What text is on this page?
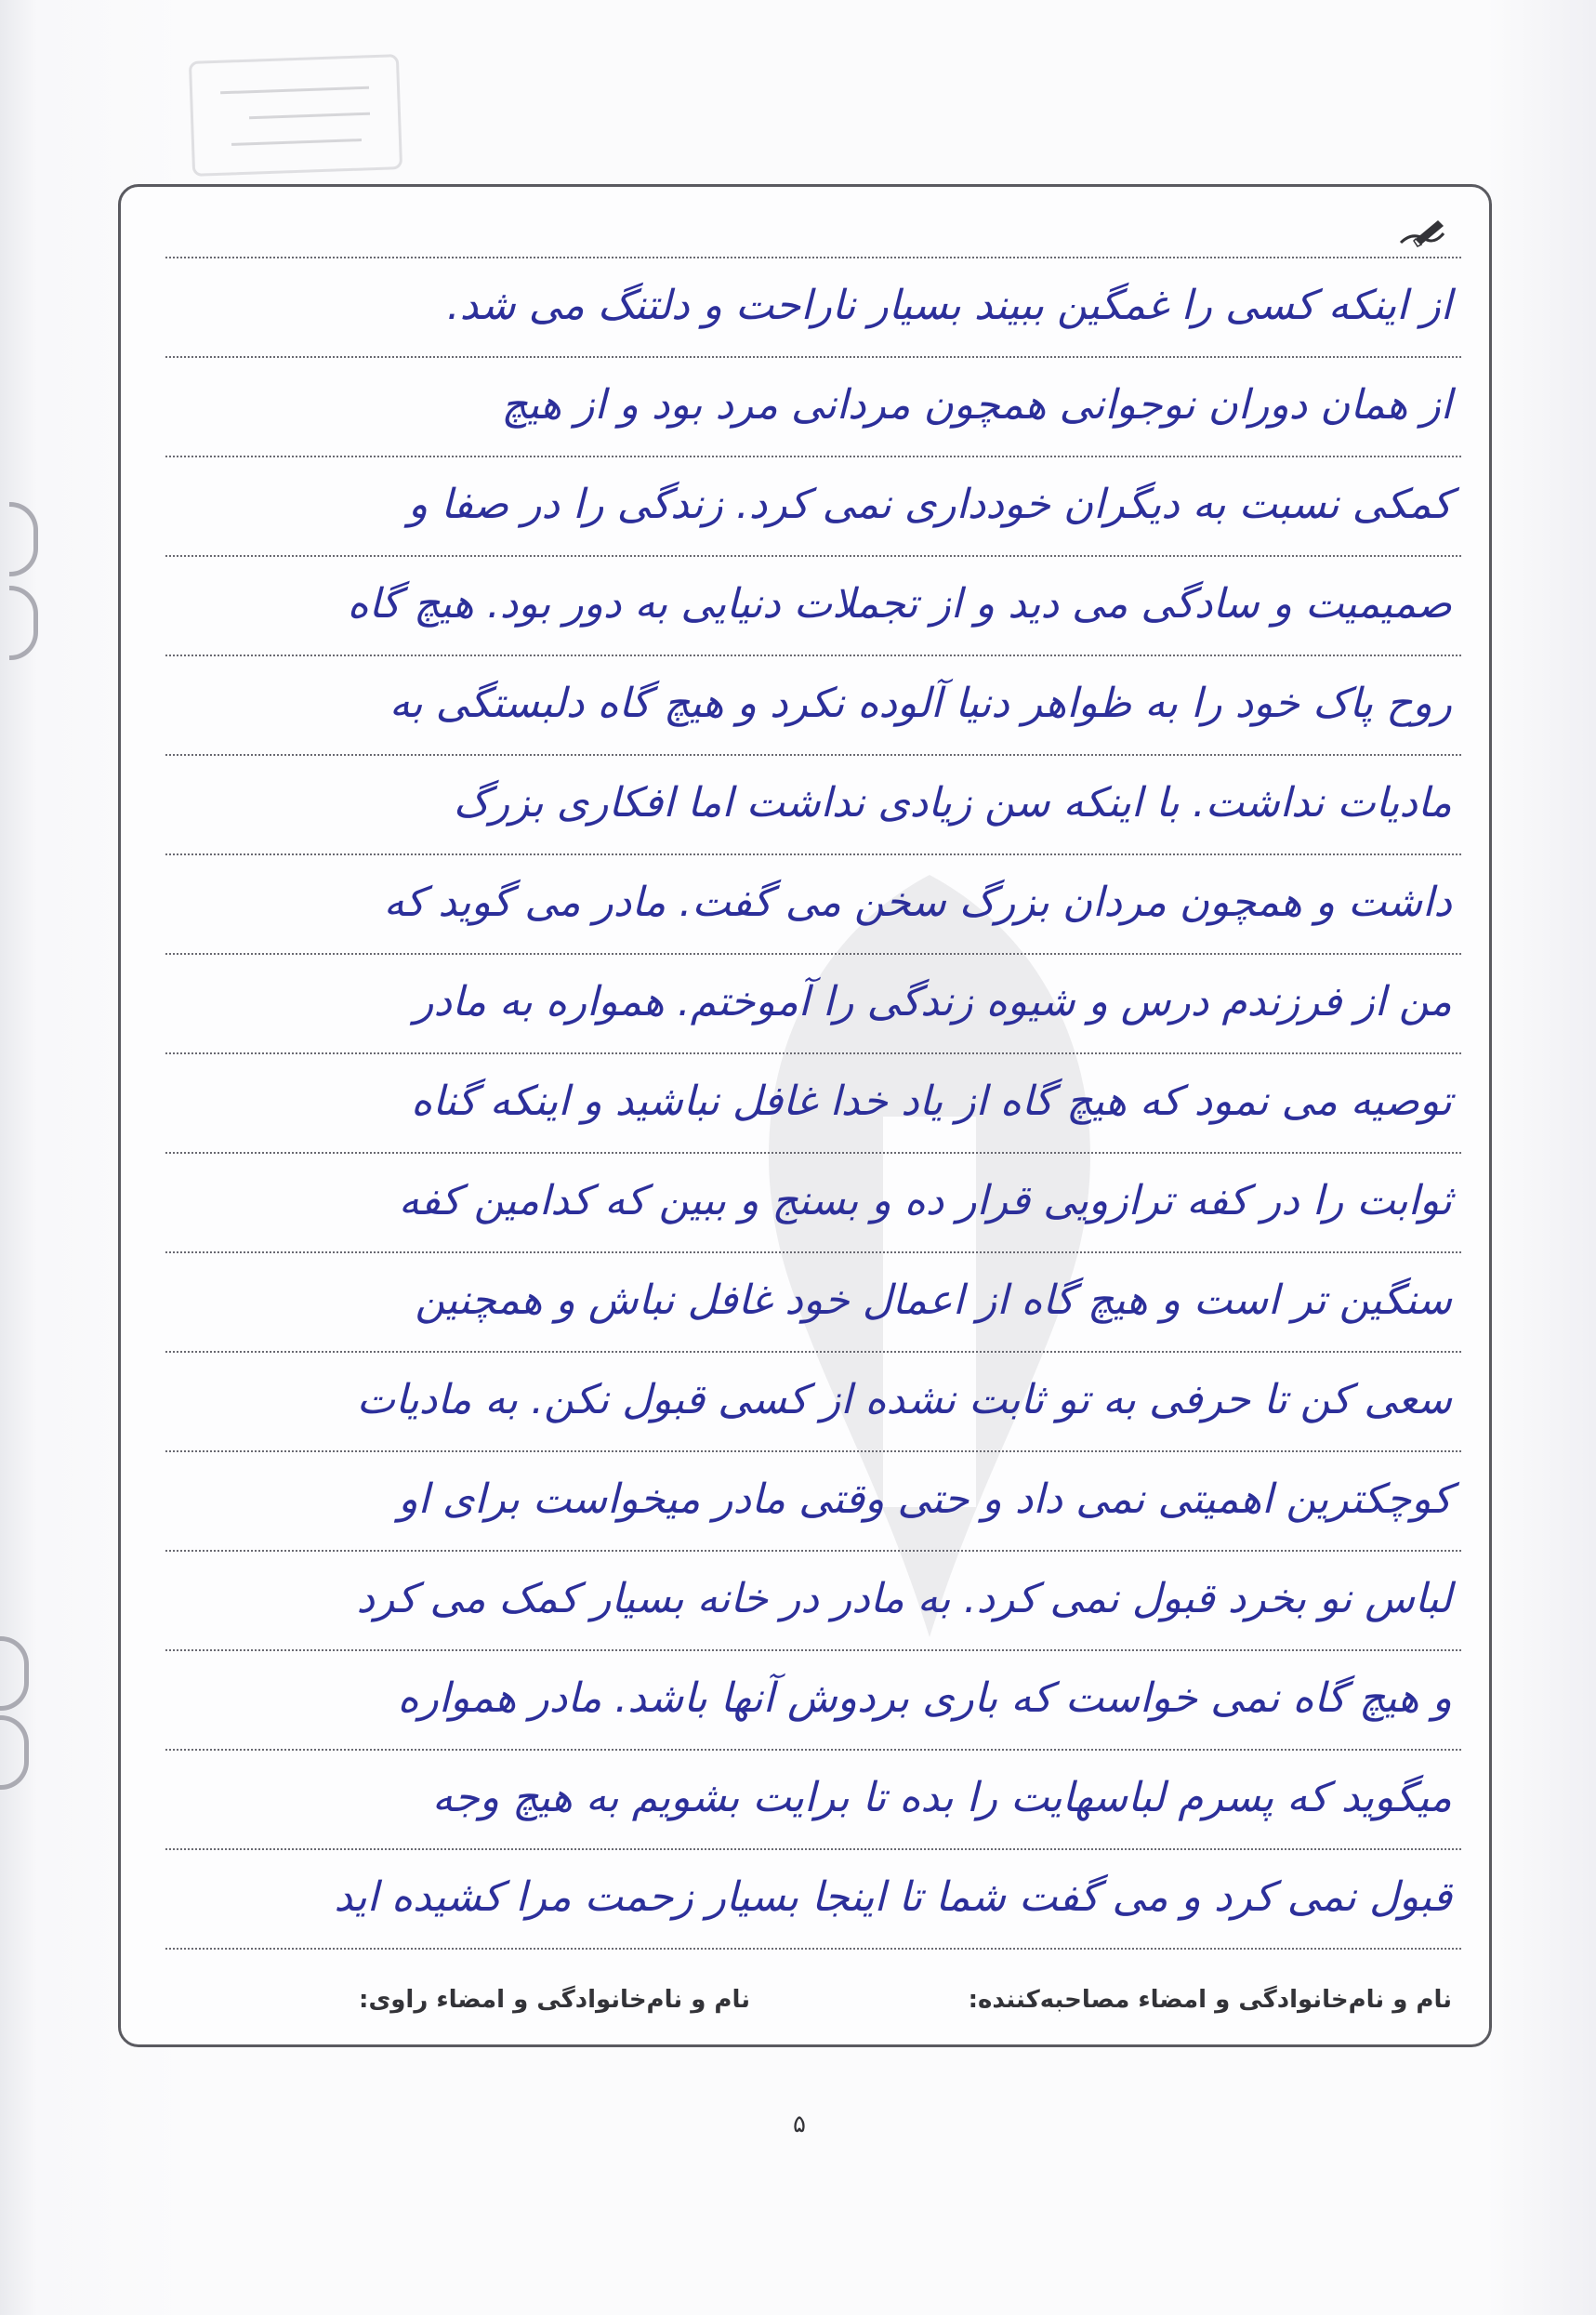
از اینکه کسی را غمگین ببیند بسیار ناراحت و دلتنگ می شد.
از همان دوران نوجوانی همچون مردانی مرد بود و از هیچ
کمکی نسبت به دیگران خودداری نمی کرد. زندگی را در صفا و
صمیمیت و سادگی می دید و از تجملات دنیایی به دور بود. هیچ گاه
روح پاک خود را به ظواهر دنیا آلوده نکرد و هیچ گاه دلبستگی به
مادیات نداشت. با اینکه سن زیادی نداشت اما افکاری بزرگ
داشت و همچون مردان بزرگ سخن می گفت. مادر می گوید که
من از فرزندم درس و شیوه زندگی را آموختم. همواره به مادر
توصیه می نمود که هیچ گاه از یاد خدا غافل نباشید و اینکه گناه
ثوابت را در کفه ترازویی قرار ده و بسنج و ببین که کدامین کفه
سنگین تر است و هیچ گاه از اعمال خود غافل نباش و همچنین
سعی کن تا حرفی به تو ثابت نشده از کسی قبول نکن. به مادیات
کوچکترین اهمیتی نمی داد و حتی وقتی مادر میخواست برای او
لباس نو بخرد قبول نمی کرد. به مادر در خانه بسیار کمک می کرد
و هیچ گاه نمی خواست که باری بردوش آنها باشد. مادر همواره
میگوید که پسرم لباسهایت را بده تا برایت بشویم به هیچ وجه
قبول نمی کرد و می گفت شما تا اینجا بسیار زحمت مرا کشیده اید
نام و نام‌خانوادگی و امضاء مصاحبه‌کننده:
نام و نام‌خانوادگی و امضاء راوی:
۵
